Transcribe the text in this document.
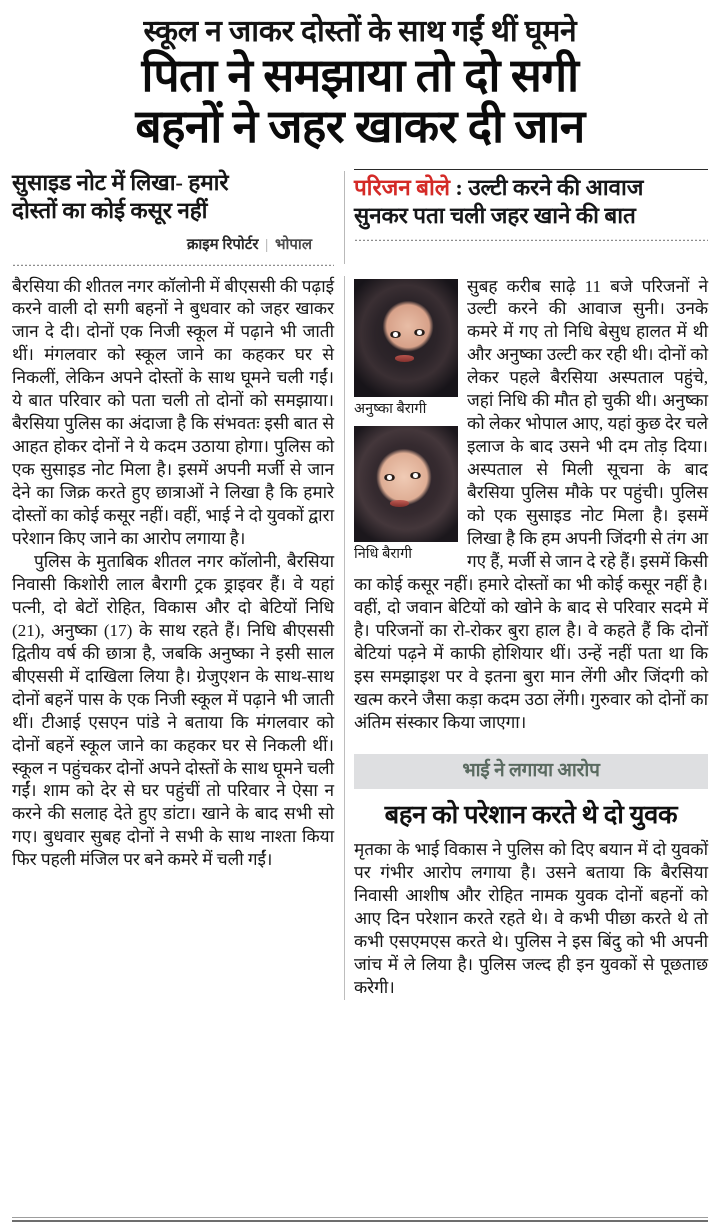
स्कूल न जाकर दोस्तों के साथ गईं थीं घूमने
पिता ने समझाया तो दो सगी
बहनों ने जहर खाकर दी जान
सुसाइड नोट में लिखा- हमारे
दोस्तों का कोई कसूर नहीं
क्राइम रिपोर्टर | भोपाल
परिजन बोले : उल्टी करने की आवाज
सुनकर पता चली जहर खाने की बात

बैरसिया की शीतल नगर कॉलोनी में बीएससी की पढ़ाई करने वाली दो सगी बहनों ने बुधवार को जहर खाकर जान दे दी। दोनों एक निजी स्कूल में पढ़ाने भी जाती थीं। मंगलवार को स्कूल जाने का कहकर घर से निकलीं, लेकिन अपने दोस्तों के साथ घूमने चली गईं। ये बात परिवार को पता चली तो दोनों को समझाया। बैरसिया पुलिस का अंदाजा है कि संभवतः इसी बात से आहत होकर दोनों ने ये कदम उठाया होगा। पुलिस को एक सुसाइड नोट मिला है। इसमें अपनी मर्जी से जान देने का जिक्र करते हुए छात्राओं ने लिखा है कि हमारे दोस्तों का कोई कसूर नहीं। वहीं, भाई ने दो युवकों द्वारा परेशान किए जाने का आरोप लगाया है।

पुलिस के मुताबिक शीतल नगर कॉलोनी, बैरसिया निवासी किशोरी लाल बैरागी ट्रक ड्राइवर हैं। वे यहां पत्नी, दो बेटों रोहित, विकास और दो बेटियों निधि (21), अनुष्का (17) के साथ रहते हैं। निधि बीएससी द्वितीय वर्ष की छात्रा है, जबकि अनुष्का ने इसी साल बीएससी में दाखिला लिया है। ग्रेजुएशन के साथ-साथ दोनों बहनें पास के एक निजी स्कूल में पढ़ाने भी जाती थीं। टीआई एसएन पांडे ने बताया कि मंगलवार को दोनों बहनें स्कूल जाने का कहकर घर से निकली थीं। स्कूल न पहुंचकर दोनों अपने दोस्तों के साथ घूमने चली गईं। शाम को देर से घर पहुंचीं तो परिवार ने ऐसा न करने की सलाह देते हुए डांटा। खाने के बाद सभी सो गए। बुधवार सुबह दोनों ने सभी के साथ नाश्ता किया फिर पहली मंजिल पर बने कमरे में चली गईं।

अनुष्का बैरागी
निधि बैरागी

सुबह करीब साढ़े 11 बजे परिजनों ने उल्टी करने की आवाज सुनी। उनके कमरे में गए तो निधि बेसुध हालत में थी और अनुष्का उल्टी कर रही थी। दोनों को लेकर पहले बैरसिया अस्पताल पहुंचे, जहां निधि की मौत हो चुकी थी। अनुष्का को लेकर भोपाल आए, यहां कुछ देर चले इलाज के बाद उसने भी दम तोड़ दिया। अस्पताल से मिली सूचना के बाद बैरसिया पुलिस मौके पर पहुंची। पुलिस को एक सुसाइड नोट मिला है। इसमें लिखा है कि हम अपनी जिंदगी से तंग आ गए हैं, मर्जी से जान दे रहे हैं। इसमें किसी का कोई कसूर नहीं। हमारे दोस्तों का भी कोई कसूर नहीं है। वहीं, दो जवान बेटियों को खोने के बाद से परिवार सदमे में है। परिजनों का रो-रोकर बुरा हाल है। वे कहते हैं कि दोनों बेटियां पढ़ने में काफी होशियार थीं। उन्हें नहीं पता था कि इस समझाइश पर वे इतना बुरा मान लेंगी और जिंदगी को खत्म करने जैसा कड़ा कदम उठा लेंगी। गुरुवार को दोनों का अंतिम संस्कार किया जाएगा।

भाई ने लगाया आरोप
बहन को परेशान करते थे दो युवक

मृतका के भाई विकास ने पुलिस को दिए बयान में दो युवकों पर गंभीर आरोप लगाया है। उसने बताया कि बैरसिया निवासी आशीष और रोहित नामक युवक दोनों बहनों को आए दिन परेशान करते रहते थे। वे कभी पीछा करते थे तो कभी एसएमएस करते थे। पुलिस ने इस बिंदु को भी अपनी जांच में ले लिया है। पुलिस जल्द ही इन युवकों से पूछताछ करेगी।
